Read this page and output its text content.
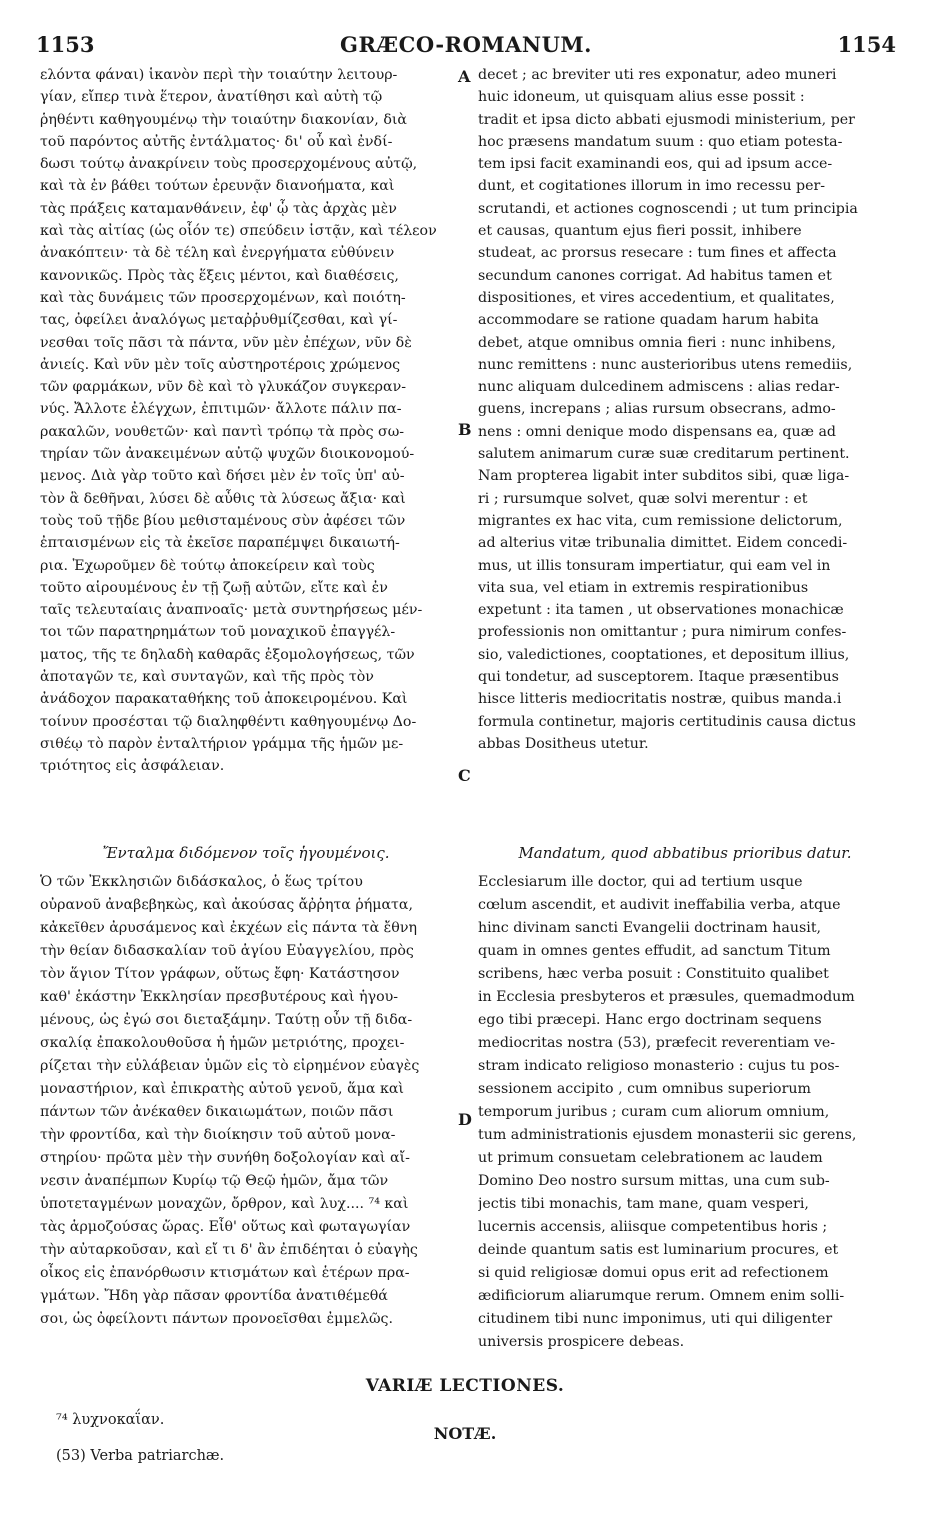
1153	GRÆCO-ROMANUM.	1154
ελόντα φάναι) ἱκανὸν περὶ τὴν τοιαύτην λειτουρ-
γίαν, εἴπερ τινὰ ἕτερον, ἀνατίθησι καὶ αὐτὴ τῷ
ῥηθέντι καθηγουμένῳ τὴν τοιαύτην διακονίαν, διὰ
τοῦ παρόντος αὐτῆς ἐντάλματος· δι' οὗ καὶ ἐνδί-
δωσι τούτῳ ἀνακρίνειν τοὺς προσερχομένους αὐτῷ,
καὶ τὰ ἐν βάθει τούτων ἐρευνᾷν διανοήματα, καὶ
τὰς πράξεις καταμανθάνειν, ἐφ' ᾧ τὰς ἀρχὰς μὲν
καὶ τὰς αἰτίας (ὡς οἷόν τε) σπεύδειν ἱστᾷν, καὶ τέλεον
ἀνακόπτειν· τὰ δὲ τέλη καὶ ἐνεργήματα εὐθύνειν
κανονικῶς. Πρὸς τὰς ἕξεις μέντοι, καὶ διαθέσεις,
καὶ τὰς δυνάμεις τῶν προσερχομένων, καὶ ποιότη-
τας, ὀφείλει ἀναλόγως μεταῤῥυθμίζεσθαι, καὶ γί-
νεσθαι τοῖς πᾶσι τὰ πάντα, νῦν μὲν ἐπέχων, νῦν δὲ
ἀνιείς. Καὶ νῦν μὲν τοῖς αὐστηροτέροις χρώμενος
τῶν φαρμάκων, νῦν δὲ καὶ τὸ γλυκάζον συγκεραν-
νύς. Ἄλλοτε ἐλέγχων, ἐπιτιμῶν· ἄλλοτε πάλιν πα-
ρακαλῶν, νουθετῶν· καὶ παντὶ τρόπῳ τὰ πρὸς σω-
τηρίαν τῶν ἀνακειμένων αὐτῷ ψυχῶν διοικονομού-
μενος. Διὰ γὰρ τοῦτο καὶ δήσει μὲν ἐν τοῖς ὑπ' αὐ-
τὸν ἃ δεθῆναι, λύσει δὲ αὖθις τὰ λύσεως ἄξια· καὶ
τοὺς τοῦ τῇδε βίου μεθισταμένους σὺν ἀφέσει τῶν
ἐπταισμένων εἰς τὰ ἐκεῖσε παραπέμψει δικαιωτή-
ρια. Ἐχωροῦμεν δὲ τούτῳ ἀποκείρειν καὶ τοὺς
τοῦτο αἱρουμένους ἐν τῇ ζωῇ αὐτῶν, εἴτε καὶ ἐν
ταῖς τελευταίαις ἀναπνοαῖς· μετὰ συντηρήσεως μέν-
τοι τῶν παρατηρημάτων τοῦ μοναχικοῦ ἐπαγγέλ-
ματος, τῆς τε δηλαδὴ καθαρᾶς ἐξομολογήσεως, τῶν
ἀποταγῶν τε, καὶ συνταγῶν, καὶ τῆς πρὸς τὸν
ἀνάδοχον παρακαταθήκης τοῦ ἀποκειρομένου. Καὶ
τοίνυν προσέσται τῷ διαληφθέντι καθηγουμένῳ Δο-
σιθέῳ τὸ παρὸν ἐνταλτήριον γράμμα τῆς ἡμῶν με-
τριότητος εἰς ἀσφάλειαν.
decet ; ac breviter uti res exponatur, adeo muneri
huic idoneum, ut quisquam alius esse possit :
tradit et ipsa dicto abbati ejusmodi ministerium, per
hoc præsens mandatum suum : quo etiam potesta-
tem ipsi facit examinandi eos, qui ad ipsum acce-
dunt, et cogitationes illorum in imo recessu per-
scrutandi, et actiones cognoscendi ; ut tum principia
et causas, quantum ejus fieri possit, inhibere
studeat, ac prorsus resecare : tum fines et affecta
secundum canones corrigat. Ad habitus tamen et
dispositiones, et vires accedentium, et qualitates,
accommodare se ratione quadam harum habita
debet, atque omnibus omnia fieri : nunc inhibens,
nunc remittens : nunc austerioribus utens remediis,
nunc aliquam dulcedinem admiscens : alias redar-
guens, increpans ; alias rursum obsecrans, admo-
nens : omni denique modo dispensans ea, quæ ad
salutem animarum curæ suæ creditarum pertinent.
Nam propterea ligabit inter subditos sibi, quæ liga-
ri ; rursumque solvet, quæ solvi merentur : et
migrantes ex hac vita, cum remissione delictorum,
ad alterius vitæ tribunalia dimittet. Eidem concedi-
mus, ut illis tonsuram impertiatur, qui eam vel in
vita sua, vel etiam in extremis respirationibus
expetunt : ita tamen , ut observationes monachicæ
professionis non omittantur ; pura nimirum confes-
sio, valedictiones, cooptationes, et depositum illius,
qui tondetur, ad susceptorem. Itaque præsentibus
hisce litteris mediocritatis nostræ, quibus manda.i
formula continetur, majoris certitudinis causa dictus
abbas Dositheus utetur.
A
B
C
D

Ἔνταλμα διδόμενον τοῖς ἡγουμένοις.

Ὁ τῶν Ἐκκλησιῶν διδάσκαλος, ὁ ἕως τρίτου
οὐρανοῦ ἀναβεβηκὼς, καὶ ἀκούσας ἄῤῥητα ῥήματα,
κἀκεῖθεν ἀρυσάμενος καὶ ἐκχέων εἰς πάντα τὰ ἔθνη
τὴν θείαν διδασκαλίαν τοῦ ἁγίου Εὐαγγελίου, πρὸς
τὸν ἅγιον Τίτον γράφων, οὕτως ἔφη· Κατάστησον
καθ' ἑκάστην Ἐκκλησίαν πρεσβυτέρους καὶ ἡγου-
μένους, ὡς ἐγώ σοι διεταξάμην. Ταύτῃ οὖν τῇ διδα-
σκαλίᾳ ἐπακολουθοῦσα ἡ ἡμῶν μετριότης, προχει-
ρίζεται τὴν εὐλάβειαν ὑμῶν εἰς τὸ εἰρημένον εὐαγὲς
μοναστήριον, καὶ ἐπικρατὴς αὐτοῦ γενοῦ, ἅμα καὶ
πάντων τῶν ἀνέκαθεν δικαιωμάτων, ποιῶν πᾶσι
τὴν φροντίδα, καὶ τὴν διοίκησιν τοῦ αὐτοῦ μονα-
στηρίου· πρῶτα μὲν τὴν συνήθη δοξολογίαν καὶ αἴ-
νεσιν ἀναπέμπων Κυρίῳ τῷ Θεῷ ἡμῶν, ἄμα τῶν
ὑποτεταγμένων μοναχῶν, ὄρθρον, καὶ λυχ.... ⁷⁴ καὶ
τὰς ἁρμοζούσας ὥρας. Εἶθ' οὕτως καὶ φωταγωγίαν
τὴν αὐταρκοῦσαν, καὶ εἴ τι δ' ἂν ἐπιδέηται ὁ εὐαγὴς
οἶκος εἰς ἐπανόρθωσιν κτισμάτων καὶ ἑτέρων πρα-
γμάτων. Ἤδη γὰρ πᾶσαν φροντίδα ἀνατιθέμεθά
σοι, ὡς ὀφείλοντι πάντων προνοεῖσθαι ἐμμελῶς.

Mandatum, quod abbatibus prioribus datur.

Ecclesiarum ille doctor, qui ad tertium usque
cœlum ascendit, et audivit ineffabilia verba, atque
hinc divinam sancti Evangelii doctrinam hausit,
quam in omnes gentes effudit, ad sanctum Titum
scribens, hæc verba posuit : Constituito qualibet
in Ecclesia presbyteros et præsules, quemadmodum
ego tibi præcepi. Hanc ergo doctrinam sequens
mediocritas nostra (53), præfecit reverentiam ve-
stram indicato religioso monasterio : cujus tu pos-
sessionem accipito , cum omnibus superiorum
temporum juribus ; curam cum aliorum omnium,
tum administrationis ejusdem monasterii sic gerens,
ut primum consuetam celebrationem ac laudem
Domino Deo nostro sursum mittas, una cum sub-
jectis tibi monachis, tam mane, quam vesperi,
lucernis accensis, aliisque competentibus horis ;
deinde quantum satis est luminarium procures, et
si quid religiosæ domui opus erit ad refectionem
ædificiorum aliarumque rerum. Omnem enim solli-
citudinem tibi nunc imponimus, uti qui diligenter
universis prospicere debeas.
VARIÆ LECTIONES.
⁷⁴ λυχνοκαΐαν.
NOTÆ.
(53) Verba patriarchæ.
